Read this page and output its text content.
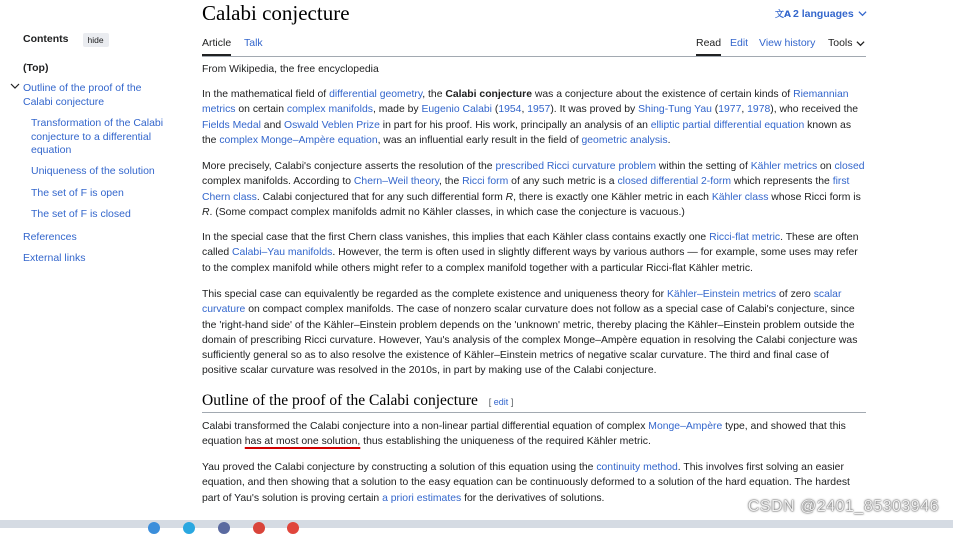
Contents	hide
(Top)
Outline of the proof of the Calabi conjecture
Transformation of the Calabi conjecture to a differential equation
Uniqueness of the solution
The set of F is open
The set of F is closed
References
External links
Calabi conjecture	文A 2 languages
Article Talk	Read Edit View history Tools

From Wikipedia, the free encyclopedia

In the mathematical field of differential geometry, the Calabi conjecture was a conjecture about the existence of certain kinds of Riemannian metrics on certain complex manifolds, made by Eugenio Calabi (1954, 1957). It was proved by Shing-Tung Yau (1977, 1978), who received the Fields Medal and Oswald Veblen Prize in part for his proof. His work, principally an analysis of an elliptic partial differential equation known as the complex Monge–Ampère equation, was an influential early result in the field of geometric analysis.

More precisely, Calabi's conjecture asserts the resolution of the prescribed Ricci curvature problem within the setting of Kähler metrics on closed complex manifolds. According to Chern–Weil theory, the Ricci form of any such metric is a closed differential 2-form which represents the first Chern class. Calabi conjectured that for any such differential form R, there is exactly one Kähler metric in each Kähler class whose Ricci form is R. (Some compact complex manifolds admit no Kähler classes, in which case the conjecture is vacuous.)

In the special case that the first Chern class vanishes, this implies that each Kähler class contains exactly one Ricci-flat metric. These are often called Calabi–Yau manifolds. However, the term is often used in slightly different ways by various authors — for example, some uses may refer to the complex manifold while others might refer to a complex manifold together with a particular Ricci-flat Kähler metric.

This special case can equivalently be regarded as the complete existence and uniqueness theory for Kähler–Einstein metrics of zero scalar curvature on compact complex manifolds. The case of nonzero scalar curvature does not follow as a special case of Calabi's conjecture, since the 'right-hand side' of the Kähler–Einstein problem depends on the 'unknown' metric, thereby placing the Kähler–Einstein problem outside the domain of prescribing Ricci curvature. However, Yau's analysis of the complex Monge–Ampère equation in resolving the Calabi conjecture was sufficiently general so as to also resolve the existence of Kähler–Einstein metrics of negative scalar curvature. The third and final case of positive scalar curvature was resolved in the 2010s, in part by making use of the Calabi conjecture.

Outline of the proof of the Calabi conjecture [ edit ]

Calabi transformed the Calabi conjecture into a non-linear partial differential equation of complex Monge–Ampère type, and showed that this equation has at most one solution, thus establishing the uniqueness of the required Kähler metric.

Yau proved the Calabi conjecture by constructing a solution of this equation using the continuity method. This involves first solving an easier equation, and then showing that a solution to the easy equation can be continuously deformed to a solution of the hard equation. The hardest part of Yau's solution is proving certain a priori estimates for the derivatives of solutions.	CSDN @2401_85303946
